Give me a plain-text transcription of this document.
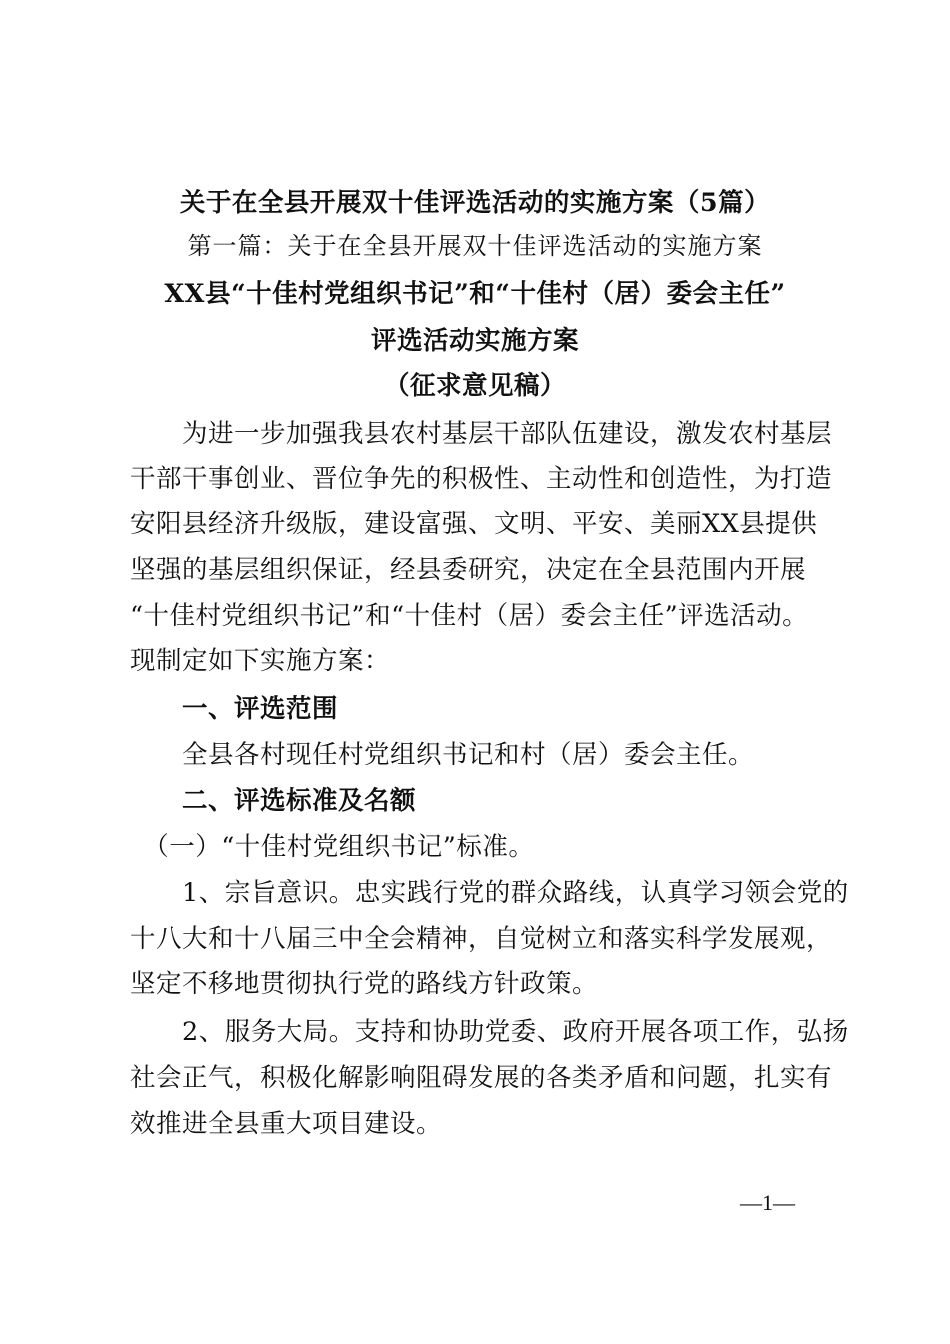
关于在全县开展双十佳评选活动的实施方案（5篇）
第一篇：关于在全县开展双十佳评选活动的实施方案
XX县“十佳村党组织书记”和“十佳村（居）委会主任”
评选活动实施方案
（征求意见稿）
　　为进一步加强我县农村基层干部队伍建设，激发农村基层
干部干事创业、晋位争先的积极性、主动性和创造性，为打造
安阳县经济升级版，建设富强、文明、平安、美丽XX县提供
坚强的基层组织保证，经县委研究，决定在全县范围内开展
“十佳村党组织书记”和“十佳村（居）委会主任”评选活动。
现制定如下实施方案：
　　一、评选范围
　　全县各村现任村党组织书记和村（居）委会主任。
　　二、评选标准及名额
　（一）“十佳村党组织书记”标准。
　　1、宗旨意识。忠实践行党的群众路线，认真学习领会党的
十八大和十八届三中全会精神，自觉树立和落实科学发展观，
坚定不移地贯彻执行党的路线方针政策。
　　2、服务大局。支持和协助党委、政府开展各项工作，弘扬
社会正气，积极化解影响阻碍发展的各类矛盾和问题，扎实有
效推进全县重大项目建设。
—1—
